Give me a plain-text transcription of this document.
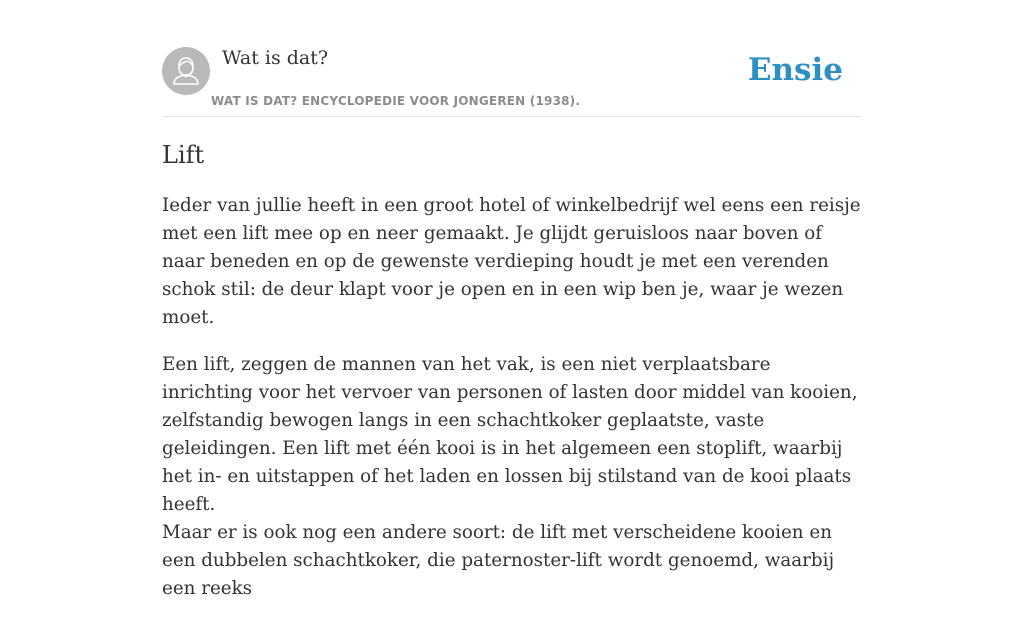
Wat is dat?
WAT IS DAT? ENCYCLOPEDIE VOOR JONGEREN (1938).
Ensie
Lift

Ieder van jullie heeft in een groot hotel of winkelbedrijf wel eens een reisje met een lift mee op en neer gemaakt. Je glijdt geruisloos naar boven of naar beneden en op de gewenste verdieping houdt je met een verenden schok stil: de deur klapt voor je open en in een wip ben je, waar je wezen moet.

Een lift, zeggen de mannen van het vak, is een niet verplaatsbare inrichting voor het vervoer van personen of lasten door middel van kooien, zelfstandig bewogen langs in een schachtkoker geplaatste, vaste geleidingen. Een lift met één kooi is in het algemeen een stoplift, waarbij het in- en uitstappen of het laden en lossen bij stilstand van de kooi plaats heeft.

Maar er is ook nog een andere soort: de lift met verscheidene kooien en een dubbelen schachtkoker, die paternoster-lift wordt genoemd, waarbij een reeks
